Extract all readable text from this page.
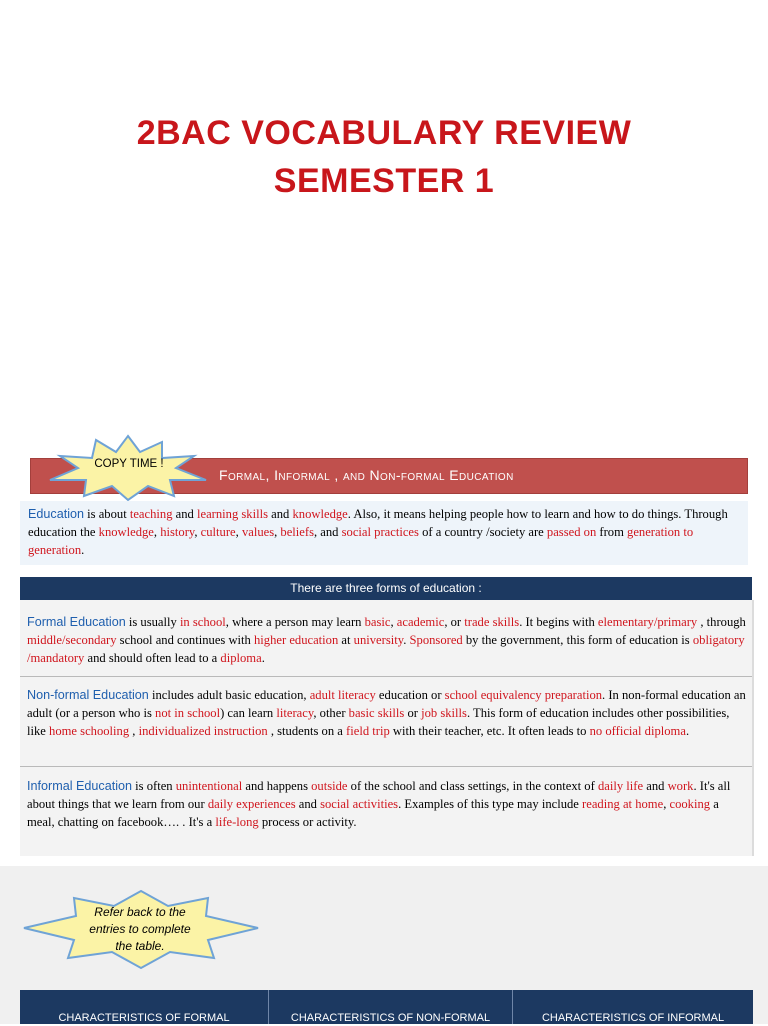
2BAC VOCABULARY REVIEW
SEMESTER 1
Formal, Informal , and Non-formal Education
COPY TIME !
Education is about teaching and learning skills and knowledge. Also, it means helping people how to learn and how to do things. Through education the knowledge, history, culture, values, beliefs, and social practices of a country /society are passed on from generation to generation.
There are three forms of education :
Formal Education is usually in school, where a person may learn basic, academic, or trade skills. It begins with elementary/primary , through middle/secondary school and continues with higher education at university. Sponsored by the government, this form of education is obligatory /mandatory and should often lead to a diploma.
Non-formal Education includes adult basic education, adult literacy education or school equivalency preparation. In non-formal education an adult (or a person who is not in school) can learn literacy, other basic skills or job skills. This form of education includes other possibilities, like home schooling , individualized instruction , students on a field trip with their teacher, etc. It often leads to no official diploma.
Informal Education is often unintentional and happens outside of the school and class settings, in the context of daily life and work. It's all about things that we learn from our daily experiences and social activities. Examples of this type may include reading at home, cooking a meal, chatting on facebook…. . It's a life-long process or activity.
Refer back to the entries to complete the table.
CHARACTERISTICS OF FORMAL	CHARACTERISTICS OF NON-FORMAL	CHARACTERISTICS OF INFORMAL
